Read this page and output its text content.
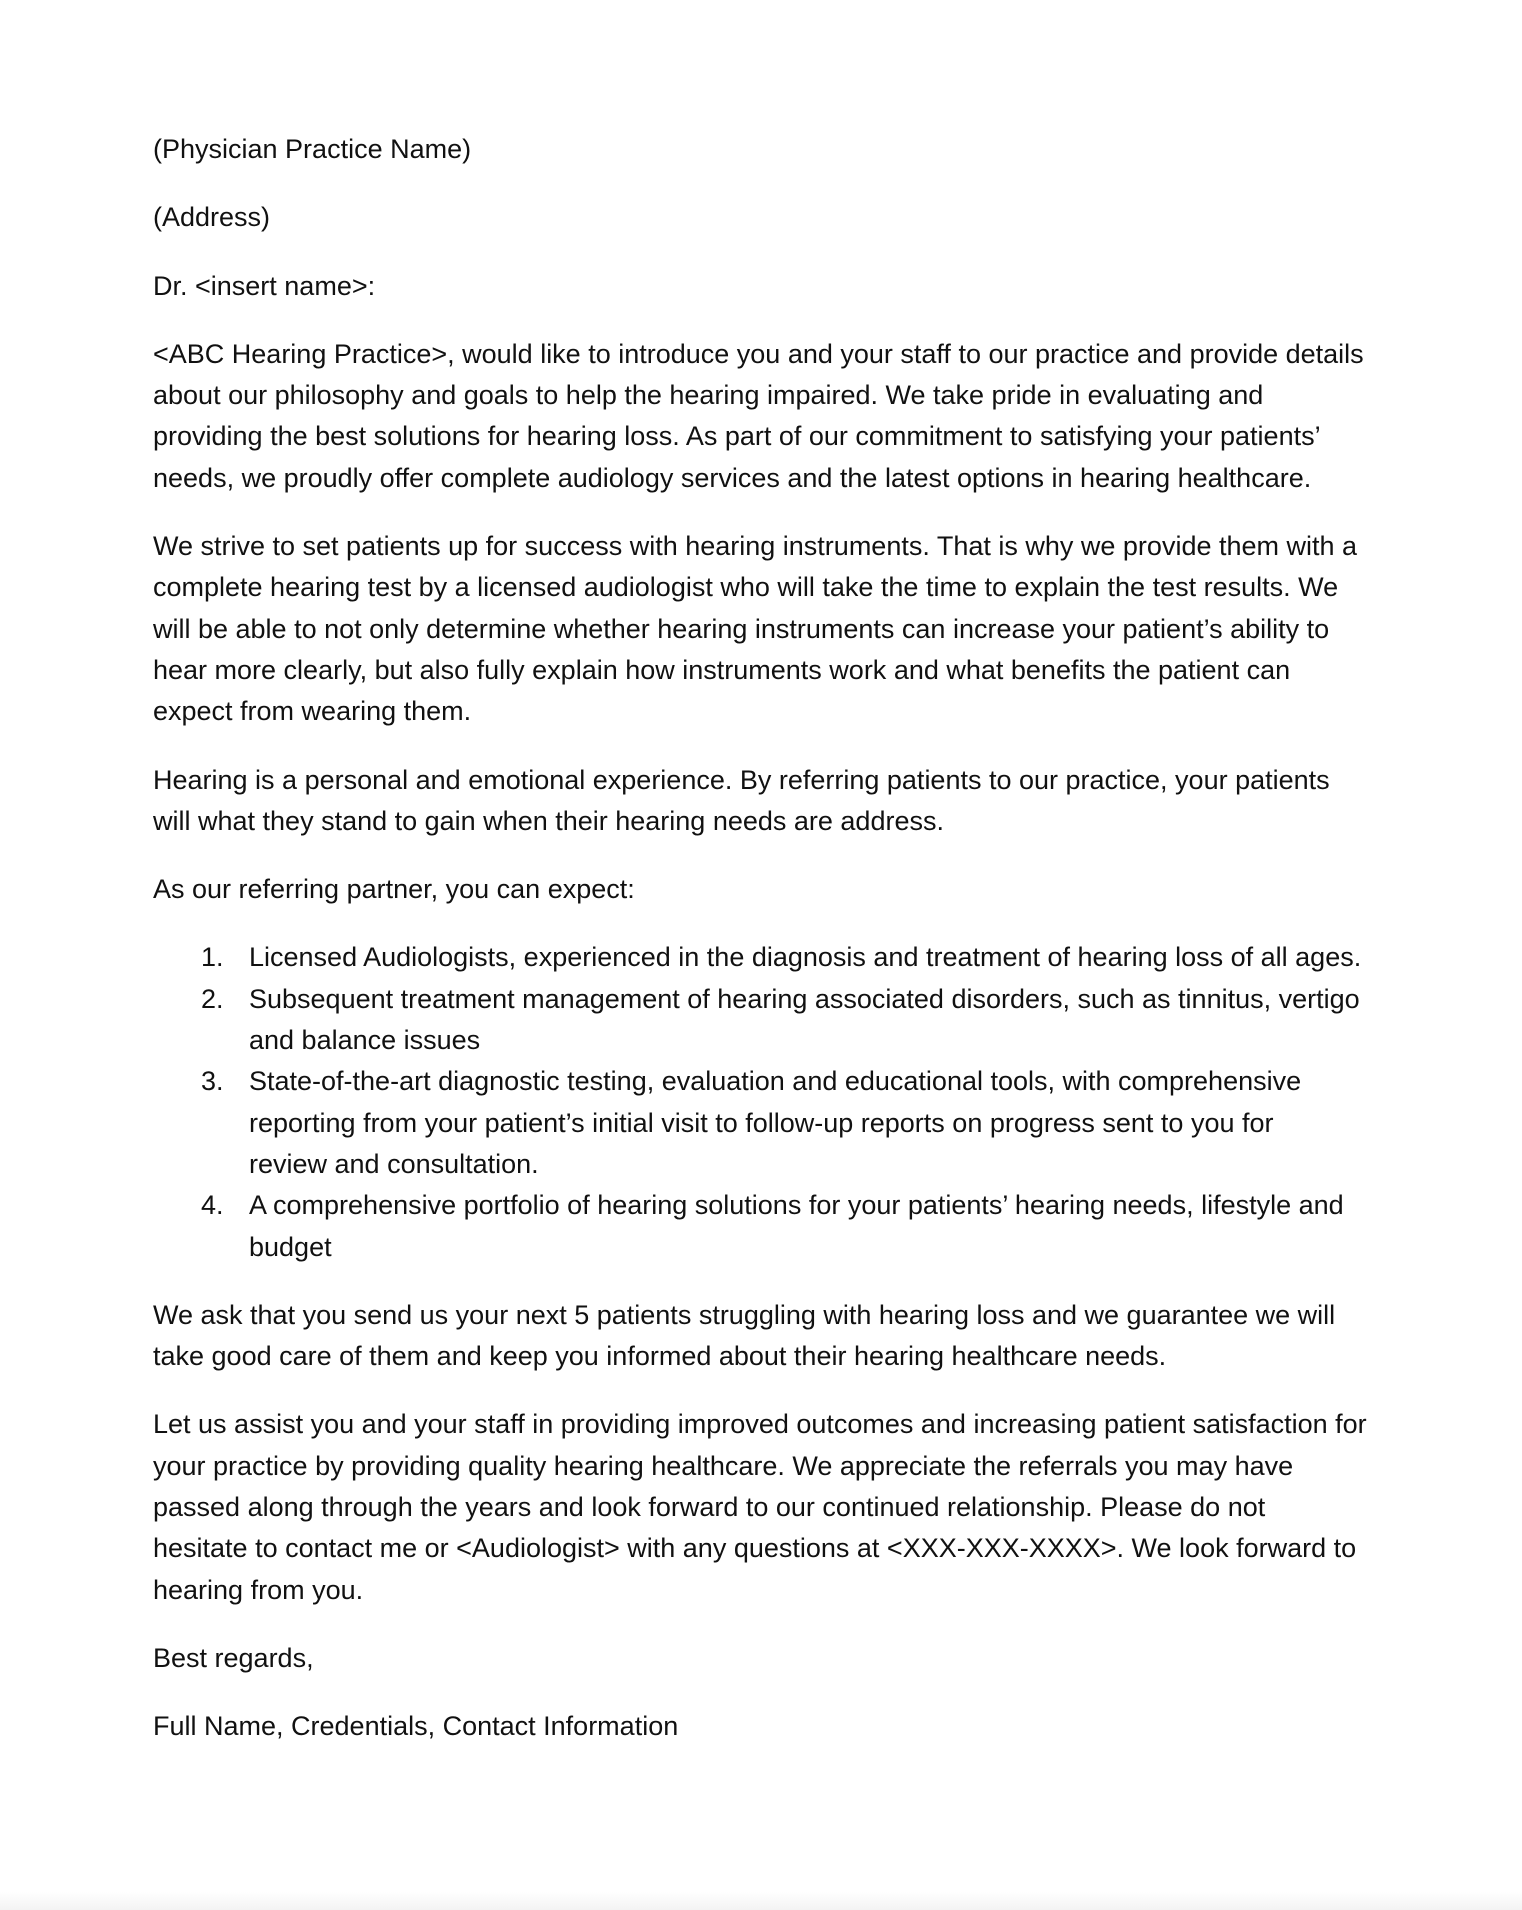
(Physician Practice Name)

(Address)

Dr. <insert name>:

<ABC Hearing Practice>, would like to introduce you and your staff to our practice and provide details
about our philosophy and goals to help the hearing impaired. We take pride in evaluating and
providing the best solutions for hearing loss. As part of our commitment to satisfying your patients’
needs, we proudly offer complete audiology services and the latest options in hearing healthcare.

We strive to set patients up for success with hearing instruments. That is why we provide them with a
complete hearing test by a licensed audiologist who will take the time to explain the test results. We
will be able to not only determine whether hearing instruments can increase your patient’s ability to
hear more clearly, but also fully explain how instruments work and what benefits the patient can
expect from wearing them.

Hearing is a personal and emotional experience. By referring patients to our practice, your patients
will what they stand to gain when their hearing needs are address.

As our referring partner, you can expect:

1. Licensed Audiologists, experienced in the diagnosis and treatment of hearing loss of all ages.
2. Subsequent treatment management of hearing associated disorders, such as tinnitus, vertigo
and balance issues
3. State-of-the-art diagnostic testing, evaluation and educational tools, with comprehensive
reporting from your patient’s initial visit to follow-up reports on progress sent to you for
review and consultation.
4. A comprehensive portfolio of hearing solutions for your patients’ hearing needs, lifestyle and
budget

We ask that you send us your next 5 patients struggling with hearing loss and we guarantee we will
take good care of them and keep you informed about their hearing healthcare needs.

Let us assist you and your staff in providing improved outcomes and increasing patient satisfaction for
your practice by providing quality hearing healthcare. We appreciate the referrals you may have
passed along through the years and look forward to our continued relationship. Please do not
hesitate to contact me or <Audiologist> with any questions at <XXX-XXX-XXXX>. We look forward to
hearing from you.

Best regards,

Full Name, Credentials, Contact Information
